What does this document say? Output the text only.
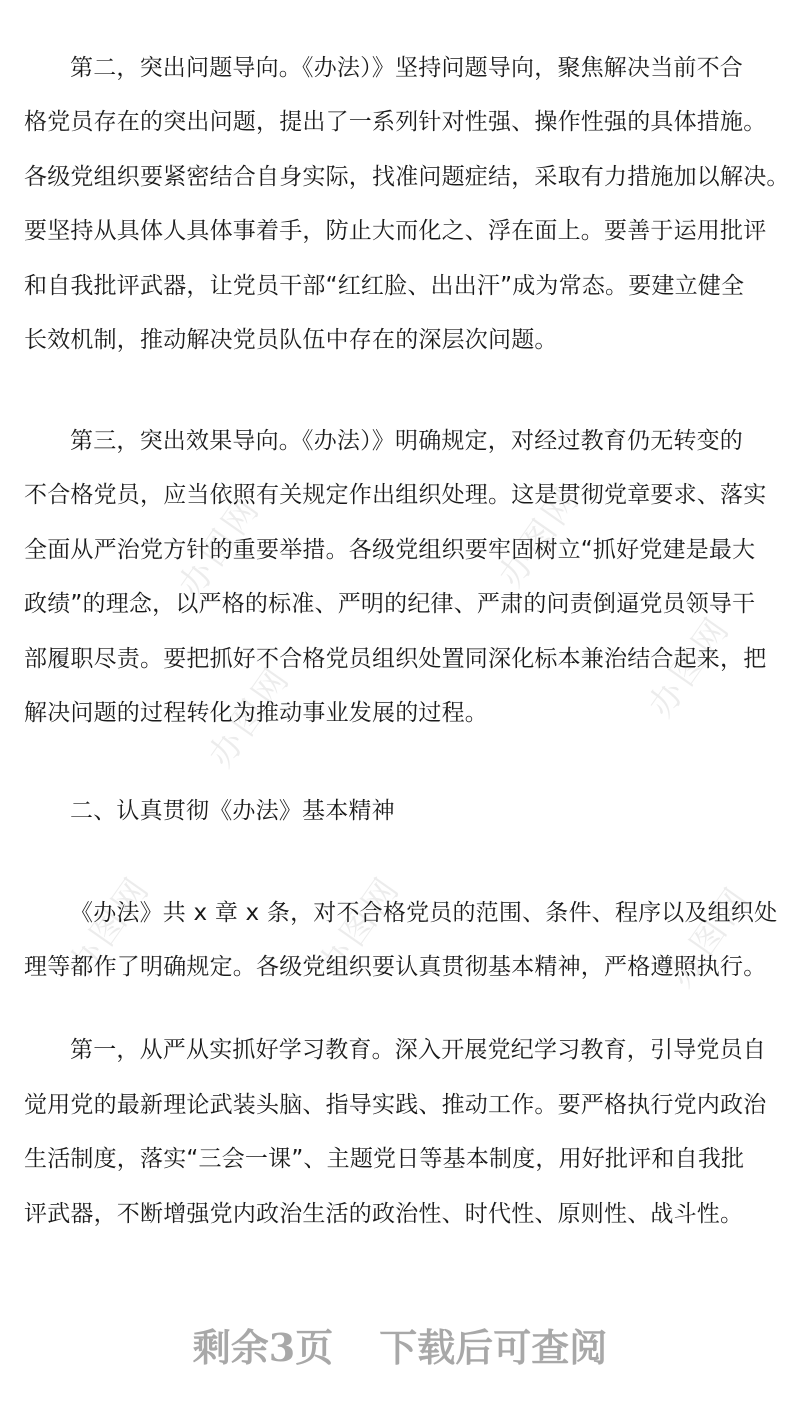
办图网	办图网
办图网
办图网
办图网	办图网	办图网
第二，突出问题导向。《办法）》坚持问题导向，聚焦解决当前不合
格党员存在的突出问题，提出了一系列针对性强、操作性强的具体措施。
各级党组织要紧密结合自身实际，找准问题症结，采取有力措施加以解决。
要坚持从具体人具体事着手，防止大而化之、浮在面上。要善于运用批评
和自我批评武器，让党员干部“红红脸、出出汗”成为常态。要建立健全
长效机制，推动解决党员队伍中存在的深层次问题。
第三，突出效果导向。《办法）》明确规定，对经过教育仍无转变的
不合格党员，应当依照有关规定作出组织处理。这是贯彻党章要求、落实
全面从严治党方针的重要举措。各级党组织要牢固树立“抓好党建是最大
政绩”的理念，以严格的标准、严明的纪律、严肃的问责倒逼党员领导干
部履职尽责。要把抓好不合格党员组织处置同深化标本兼治结合起来，把
解决问题的过程转化为推动事业发展的过程。
二、认真贯彻《办法》基本精神
《办法》共 x 章 x 条，对不合格党员的范围、条件、程序以及组织处
理等都作了明确规定。各级党组织要认真贯彻基本精神，严格遵照执行。
第一，从严从实抓好学习教育。深入开展党纪学习教育，引导党员自
觉用党的最新理论武装头脑、指导实践、推动工作。要严格执行党内政治
生活制度，落实“三会一课”、主题党日等基本制度，用好批评和自我批
评武器，不断增强党内政治生活的政治性、时代性、原则性、战斗性。
剩余3页 下载后可查阅
